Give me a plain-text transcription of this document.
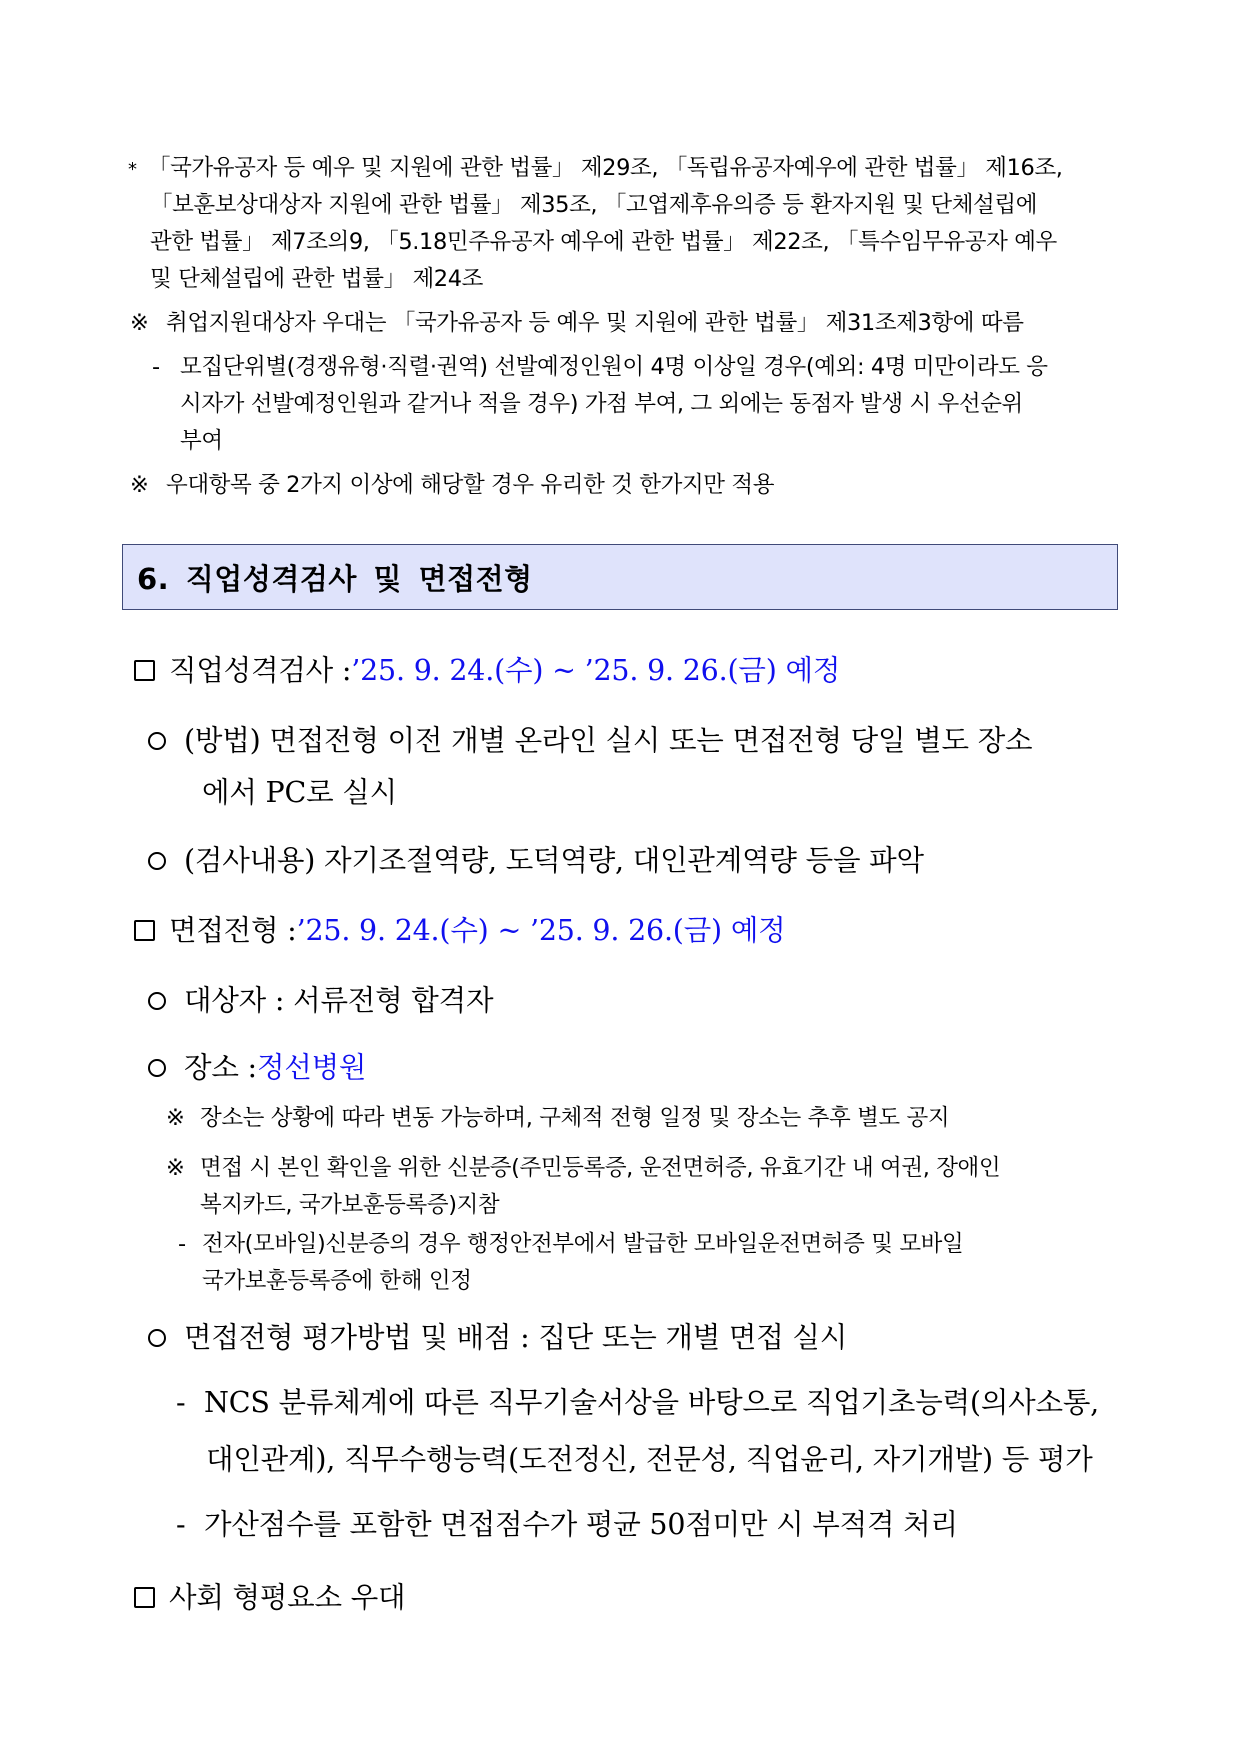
* 「국가유공자 등 예우 및 지원에 관한 법률」 제29조, 「독립유공자예우에 관한 법률」 제16조,
「보훈보상대상자 지원에 관한 법률」 제35조, 「고엽제후유의증 등 환자지원 및 단체설립에
관한 법률」 제7조의9, 「5.18민주유공자 예우에 관한 법률」 제22조, 「특수임무유공자 예우
및 단체설립에 관한 법률」 제24조
※ 취업지원대상자 우대는 「국가유공자 등 예우 및 지원에 관한 법률」 제31조제3항에 따름
- 모집단위별(경쟁유형·직렬·권역) 선발예정인원이 4명 이상일 경우(예외: 4명 미만이라도 응
시자가 선발예정인원과 같거나 적을 경우) 가점 부여, 그 외에는 동점자 발생 시 우선순위
부여
※ 우대항목 중 2가지 이상에 해당할 경우 유리한 것 한가지만 적용
6. 직업성격검사 및 면접전형
직업성격검사 : ’25. 9. 24.(수) ~ ’25. 9. 26.(금) 예정
(방법) 면접전형 이전 개별 온라인 실시 또는 면접전형 당일 별도 장소
에서 PC로 실시
(검사내용) 자기조절역량, 도덕역량, 대인관계역량 등을 파악
면접전형 : ’25. 9. 24.(수) ~ ’25. 9. 26.(금) 예정
대상자 : 서류전형 합격자
장소 : 정선병원
※ 장소는 상황에 따라 변동 가능하며, 구체적 전형 일정 및 장소는 추후 별도 공지
※ 면접 시 본인 확인을 위한 신분증(주민등록증, 운전면허증, 유효기간 내 여권, 장애인
복지카드, 국가보훈등록증)지참
- 전자(모바일)신분증의 경우 행정안전부에서 발급한 모바일운전면허증 및 모바일
국가보훈등록증에 한해 인정
면접전형 평가방법 및 배점 : 집단 또는 개별 면접 실시
- NCS 분류체계에 따른 직무기술서상을 바탕으로 직업기초능력(의사소통,
대인관계), 직무수행능력(도전정신, 전문성, 직업윤리, 자기개발) 등 평가
- 가산점수를 포함한 면접점수가 평균 50점미만 시 부적격 처리
사회 형평요소 우대
